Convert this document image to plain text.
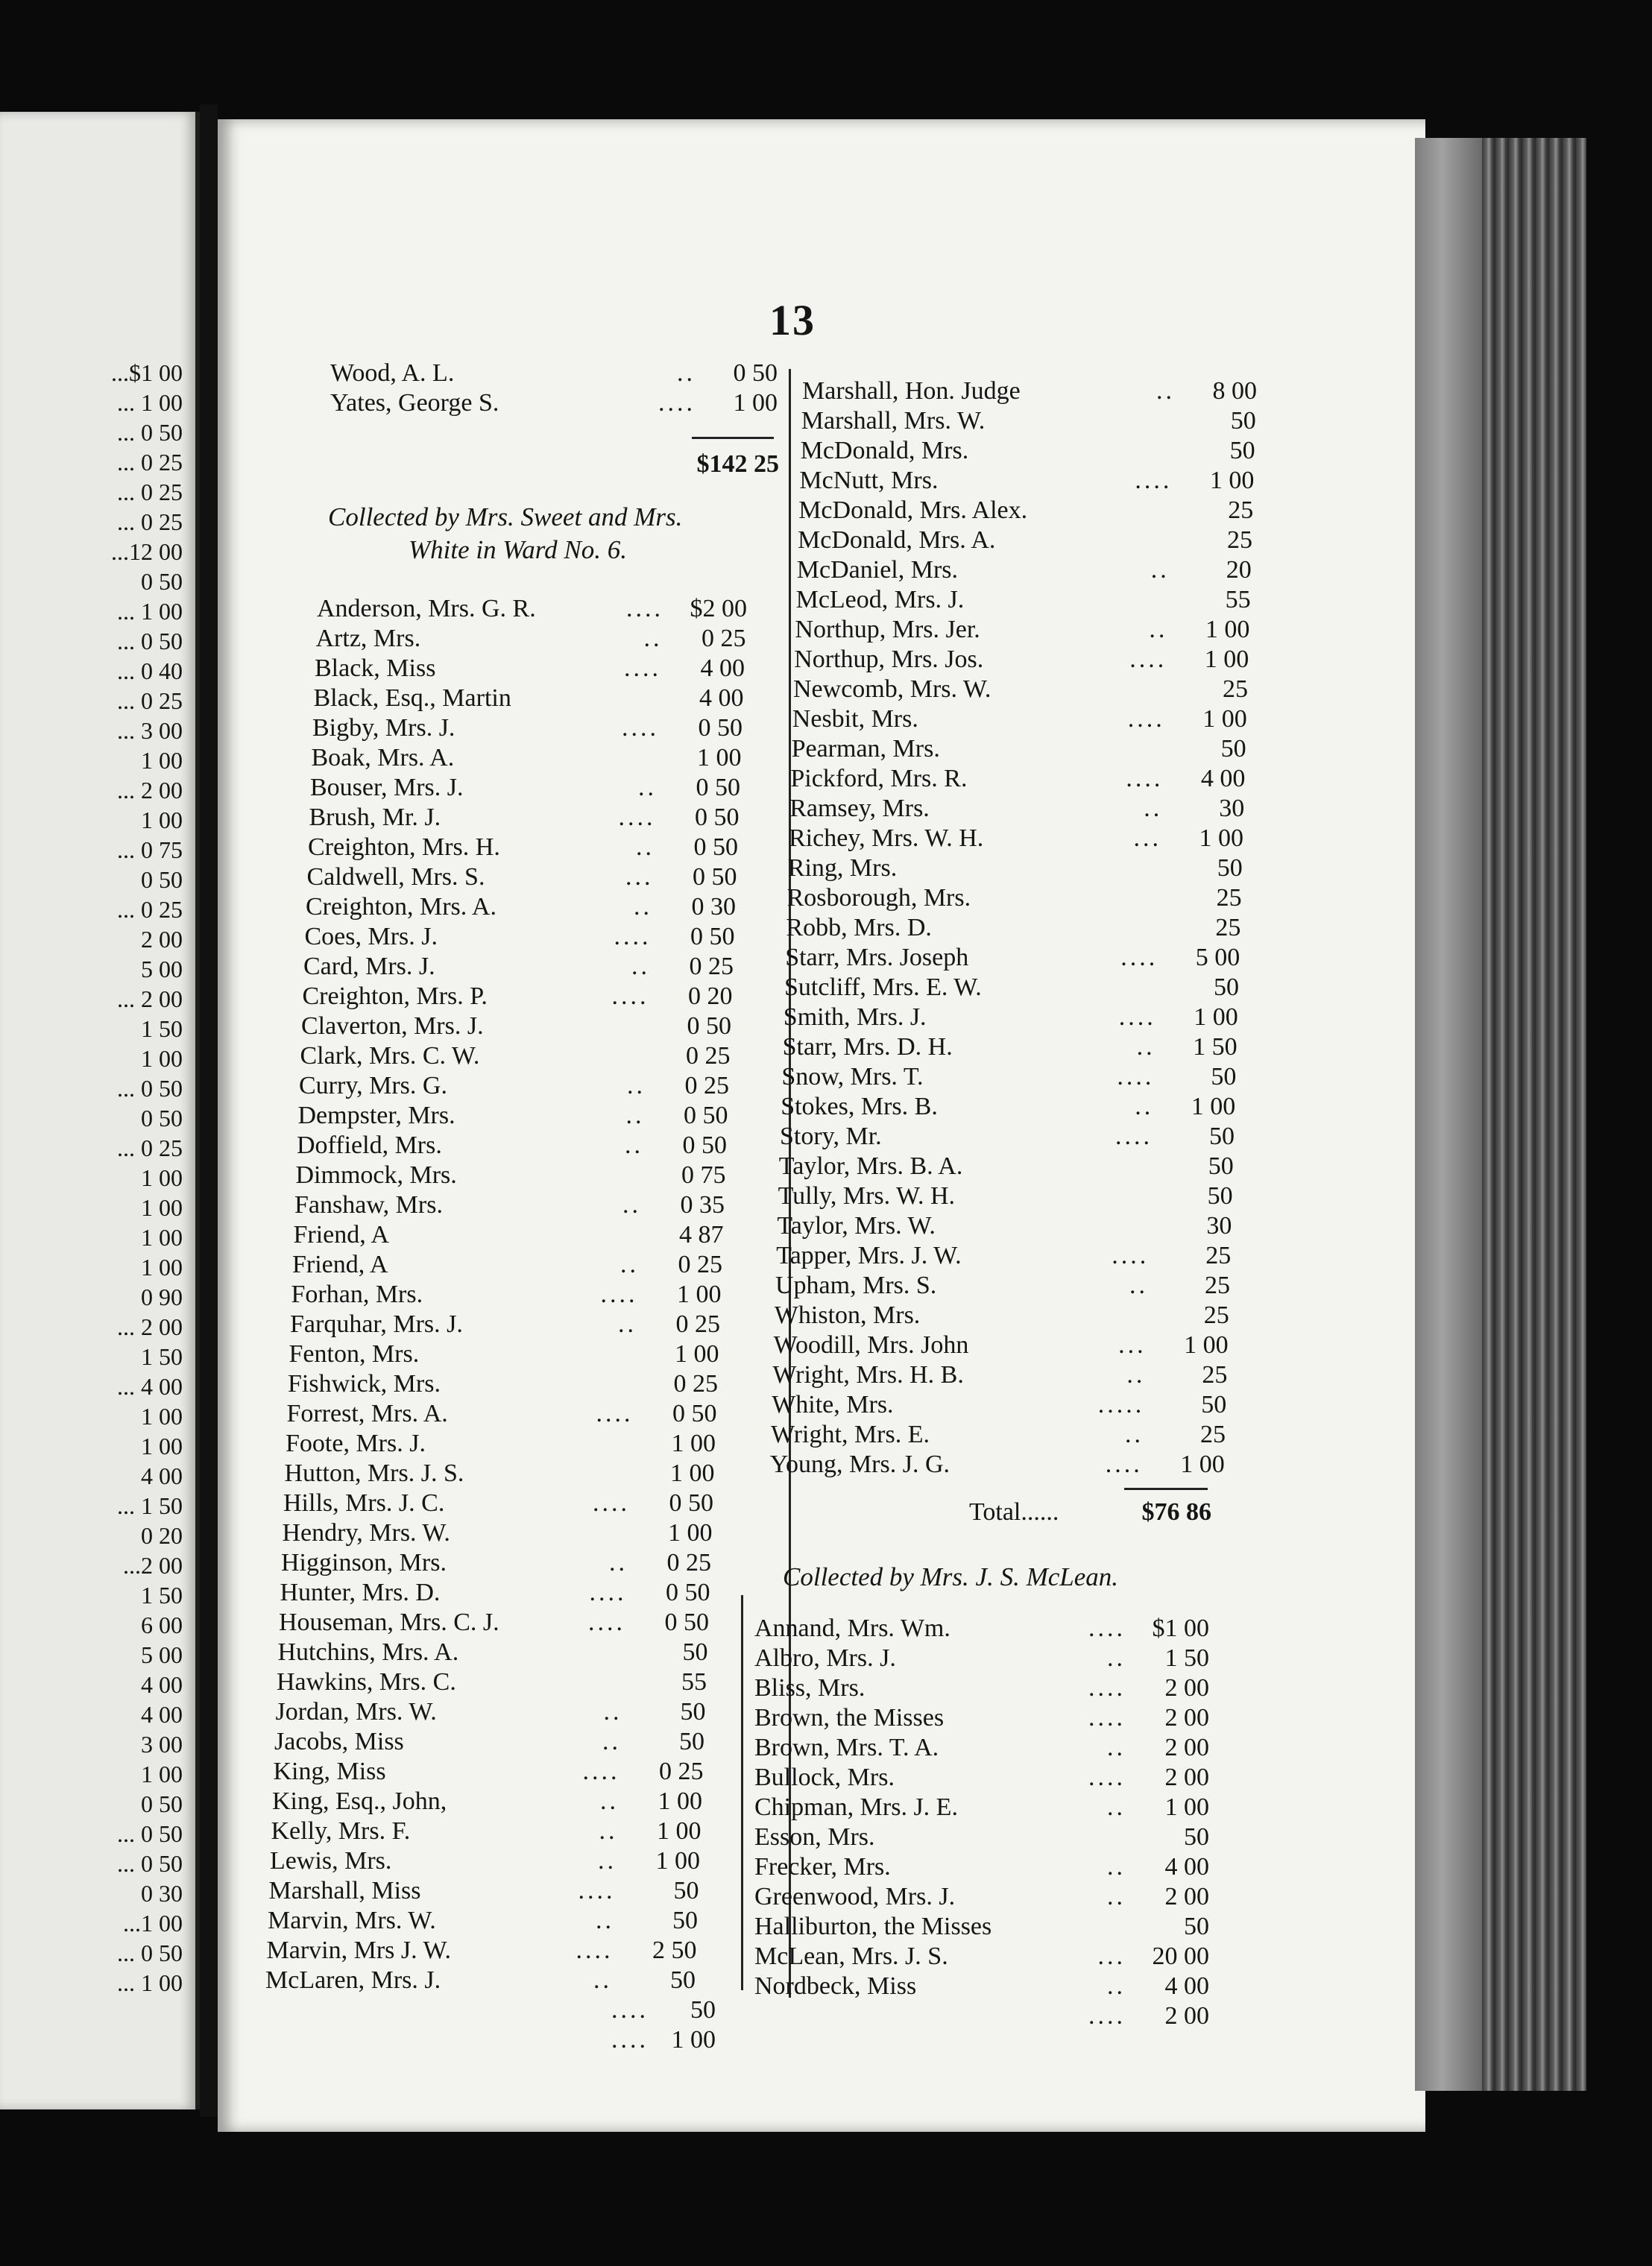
...$1 00
... 1 00
... 0 50
... 0 25
... 0 25
... 0 25
...12 00
0 50
... 1 00
... 0 50
... 0 40
... 0 25
... 3 00
1 00
... 2 00
1 00
... 0 75
0 50
... 0 25
2 00
5 00
... 2 00
1 50
1 00
... 0 50
0 50
... 0 25
1 00
1 00
1 00
1 00
0 90
... 2 00
1 50
... 4 00
1 00
1 00
4 00
... 1 50
0 20
...2 00
1 50
6 00
5 00
4 00
4 00
3 00
1 00
0 50
... 0 50
... 0 50
0 30
...1 00
... 0 50
... 1 00
13
Wood, A. L.	.. 0 50
Yates, George S.	.... 1 00
$142 25
Collected by Mrs. Sweet and Mrs.
White in Ward No. 6.
Anderson, Mrs. G. R.	.... $2 00
Artz, Mrs.	.. 0 25
Black, Miss	.... 4 00
Black, Esq., Martin	4 00
Bigby, Mrs. J.	.... 0 50
Boak, Mrs. A.	1 00
Bouser, Mrs. J.	.. 0 50
Brush, Mr. J.	.... 0 50
Creighton, Mrs. H.	.. 0 50
Caldwell, Mrs. S.	... 0 50
Creighton, Mrs. A.	.. 0 30
Coes, Mrs. J.	.... 0 50
Card, Mrs. J.	.. 0 25
Creighton, Mrs. P.	.... 0 20
Claverton, Mrs. J.	0 50
Clark, Mrs. C. W.	0 25
Curry, Mrs. G.	.. 0 25
Dempster, Mrs.	.. 0 50
Doffield, Mrs.	.. 0 50
Dimmock, Mrs.	0 75
Fanshaw, Mrs.	.. 0 35
Friend, A	4 87
Friend, A	.. 0 25
Forhan, Mrs.	.... 1 00
Farquhar, Mrs. J.	.. 0 25
Fenton, Mrs.	1 00
Fishwick, Mrs.	0 25
Forrest, Mrs. A.	.... 0 50
Foote, Mrs. J.	1 00
Hutton, Mrs. J. S.	1 00
Hills, Mrs. J. C.	.... 0 50
Hendry, Mrs. W.	1 00
Higginson, Mrs.	.. 0 25
Hunter, Mrs. D.	.... 0 50
Houseman, Mrs. C. J.	.... 0 50
Hutchins, Mrs. A.	50
Hawkins, Mrs. C.	55
Jordan, Mrs. W.	.. 50
Jacobs, Miss	.. 50
King, Miss	.... 0 25
King, Esq., John,	.. 1 00
Kelly, Mrs. F.	.. 1 00
Lewis, Mrs.	.. 1 00
Marshall, Miss	.... 50
Marvin, Mrs. W.	.. 50
Marvin, Mrs J. W.	.... 2 50
McLaren, Mrs. J.	.. 50
.... 50
.... 1 00
Marshall, Hon. Judge	.. 8 00
Marshall, Mrs. W.	50
McDonald, Mrs.	50
McNutt, Mrs.	.... 1 00
McDonald, Mrs. Alex.	25
McDonald, Mrs. A.	25
McDaniel, Mrs.	.. 20
McLeod, Mrs. J.	55
Northup, Mrs. Jer.	.. 1 00
Northup, Mrs. Jos.	.... 1 00
Newcomb, Mrs. W.	25
Nesbit, Mrs.	.... 1 00
Pearman, Mrs.	50
Pickford, Mrs. R.	.... 4 00
Ramsey, Mrs.	.. 30
Richey, Mrs. W. H.	... 1 00
Ring, Mrs.	50
Rosborough, Mrs.	25
Robb, Mrs. D.	25
Starr, Mrs. Joseph	.... 5 00
Sutcliff, Mrs. E. W.	50
Smith, Mrs. J.	.... 1 00
Starr, Mrs. D. H.	.. 1 50
Snow, Mrs. T.	.... 50
Stokes, Mrs. B.	.. 1 00
Story, Mr.	.... 50
Taylor, Mrs. B. A.	50
Tully, Mrs. W. H.	50
Taylor, Mrs. W.	30
Tapper, Mrs. J. W.	.... 25
Upham, Mrs. S.	.. 25
Whiston, Mrs.	25
Woodill, Mrs. John	... 1 00
Wright, Mrs. H. B.	.. 25
White, Mrs.	..... 50
Wright, Mrs. E.	.. 25
Young, Mrs. J. G.	.... 1 00
Total......	$76 86
Collected by Mrs. J. S. McLean.
Annand, Mrs. Wm.	.... $1 00
Albro, Mrs. J.	.. 1 50
Bliss, Mrs.	.... 2 00
Brown, the Misses	.... 2 00
Brown, Mrs. T. A.	.. 2 00
Bullock, Mrs.	.... 2 00
Chipman, Mrs. J. E.	.. 1 00
Esson, Mrs.	50
Frecker, Mrs.	.. 4 00
Greenwood, Mrs. J.	.. 2 00
Halliburton, the Misses	50
McLean, Mrs. J. S.	... 20 00
Nordbeck, Miss	.. 4 00
.... 2 00
